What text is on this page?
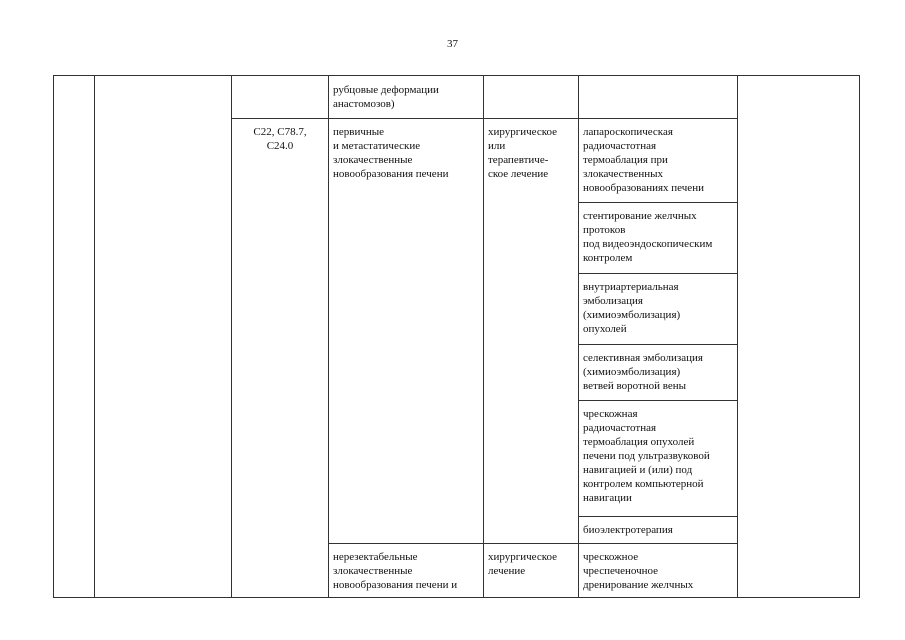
37
рубцовые деформации
анастомозов)
С22, С78.7,
С24.0
первичные
и метастатические
злокачественные
новообразования печени
хирургическое
или
терапевтиче-
ское лечение
лапароскопическая
радиочастотная
термоаблация при
злокачественных
новообразованиях печени
стентирование желчных
протоков
под видеоэндоскопическим
контролем
внутриартериальная
эмболизация
(химиоэмболизация)
опухолей
селективная эмболизация
(химиоэмболизация)
ветвей воротной вены
чрескожная
радиочастотная
термоаблация опухолей
печени под ультразвуковой
навигацией и (или) под
контролем компьютерной
навигации
биоэлектротерапия
нерезектабельные
злокачественные
новообразования печени и
хирургическое
лечение
чрескожное
чреспеченочное
дренирование желчных
